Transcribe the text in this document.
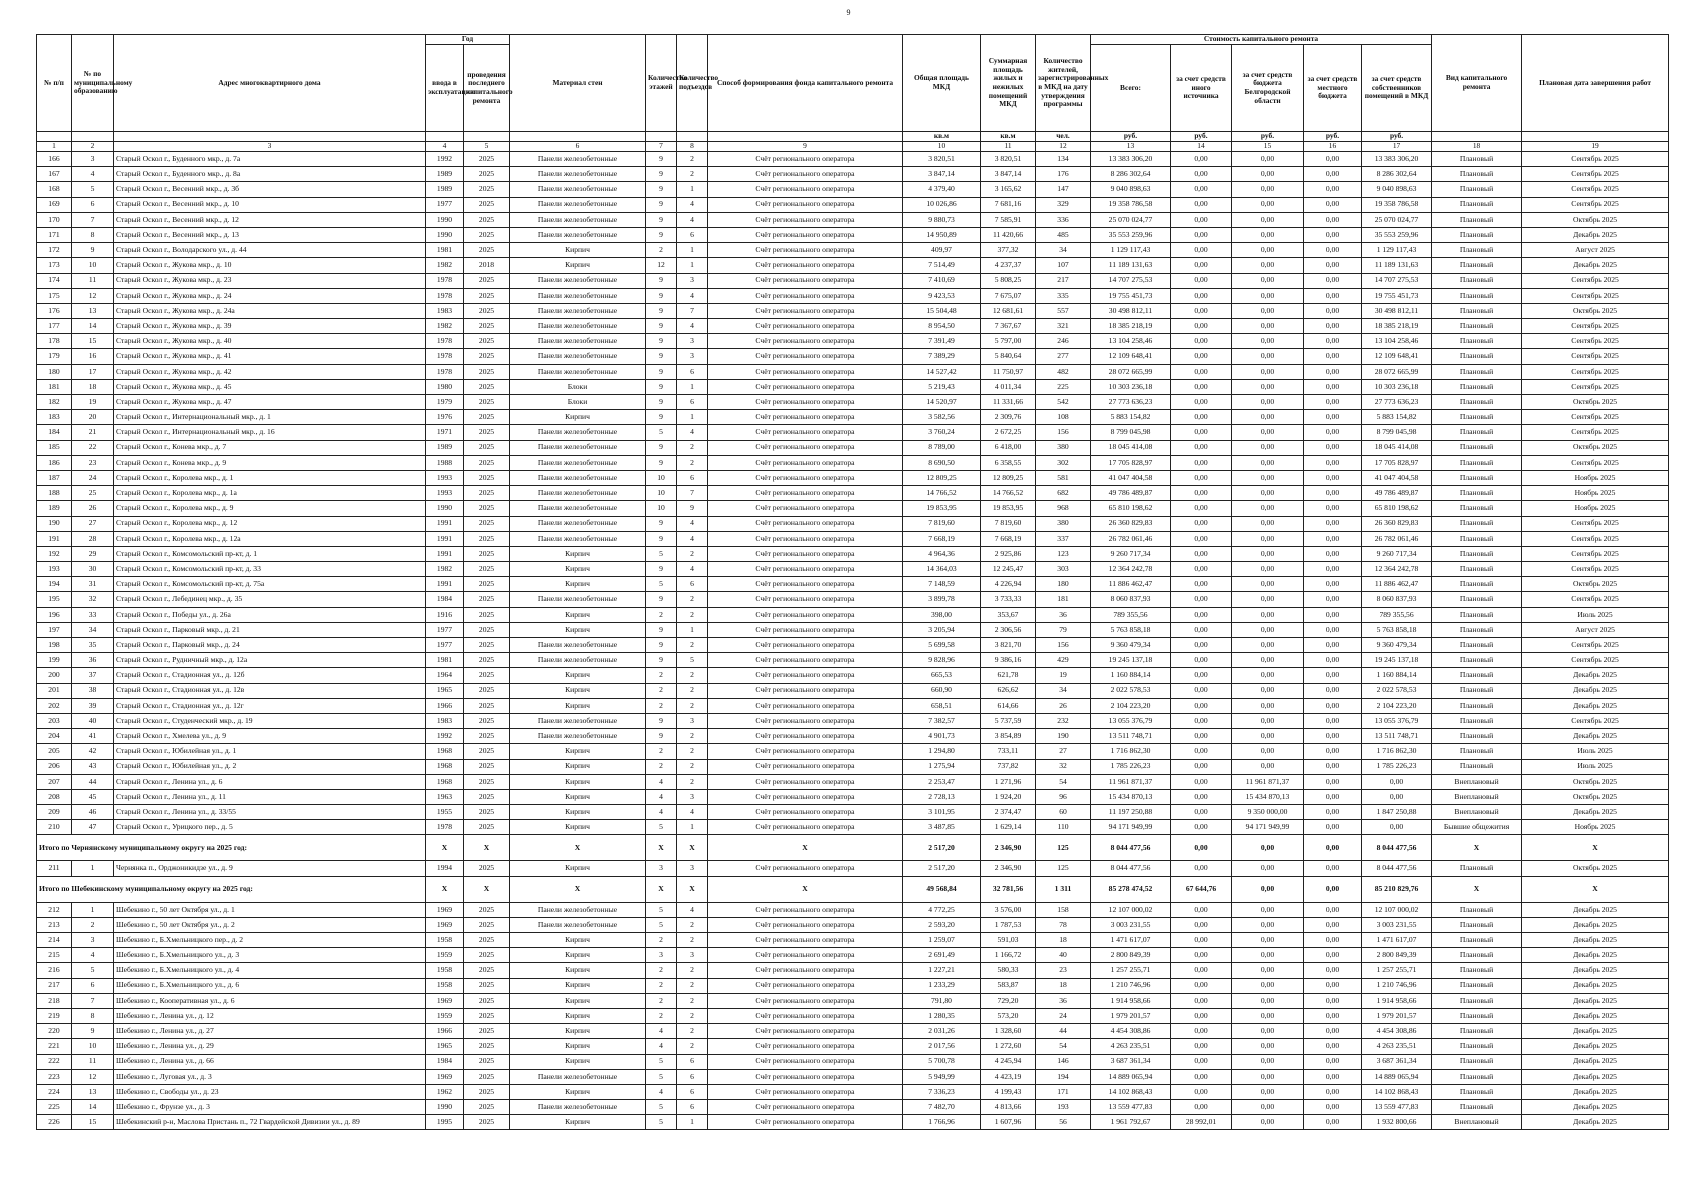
9
№ п/п	№ по муниципальному образованию	Адрес многоквартирного дома	Год		Материал стен	Количество этажей	Количество подъездов	Способ формирования фонда капитального ремонта	Общая площадь МКД	Суммарная площадь жилых и нежилых помещений МКД	Количество жителей, зарегистрированных в МКД на дату утверждения программы	Стоимость капитального ремонта					Вид капитального ремонта	Плановая дата завершения работ
			ввода в эксплуатацию	проведения последнего капитального ремонта								Всего:	за счет средств иного источника	за счет средств бюджета Белгородской области	за счет средств местного бюджета	за счет средств собственников помещений в МКД		
									кв.м	кв.м	чел.	руб.	руб.	руб.	руб.	руб.		
1	2	3	4	5	6	7	8	9	10	11	12	13	14	15	16	17	18	19
166	3	Старый Оскол г., Буденного мкр., д. 7а	1992	2025	Панели железобетонные	9	2	Счёт регионального оператора	3 820,51	3 820,51	134	13 383 306,20	0,00	0,00	0,00	13 383 306,20	Плановый	Сентябрь 2025
167	4	Старый Оскол г., Буденного мкр., д. 8а	1989	2025	Панели железобетонные	9	2	Счёт регионального оператора	3 847,14	3 847,14	176	8 286 302,64	0,00	0,00	0,00	8 286 302,64	Плановый	Сентябрь 2025
168	5	Старый Оскол г., Весенний мкр., д. 3б	1989	2025	Панели железобетонные	9	1	Счёт регионального оператора	4 379,40	3 165,62	147	9 040 898,63	0,00	0,00	0,00	9 040 898,63	Плановый	Сентябрь 2025
169	6	Старый Оскол г., Весенний мкр., д. 10	1977	2025	Панели железобетонные	9	4	Счёт регионального оператора	10 026,86	7 681,16	329	19 358 786,58	0,00	0,00	0,00	19 358 786,58	Плановый	Сентябрь 2025
170	7	Старый Оскол г., Весенний мкр., д. 12	1990	2025	Панели железобетонные	9	4	Счёт регионального оператора	9 880,73	7 585,91	336	25 070 024,77	0,00	0,00	0,00	25 070 024,77	Плановый	Октябрь 2025
171	8	Старый Оскол г., Весенний мкр., д. 13	1990	2025	Панели железобетонные	9	6	Счёт регионального оператора	14 950,89	11 420,66	485	35 553 259,96	0,00	0,00	0,00	35 553 259,96	Плановый	Декабрь 2025
172	9	Старый Оскол г., Володарского ул., д. 44	1981	2025	Кирпич	2	1	Счёт регионального оператора	409,97	377,32	34	1 129 117,43	0,00	0,00	0,00	1 129 117,43	Плановый	Август 2025
173	10	Старый Оскол г., Жукова мкр., д. 10	1982	2018	Кирпич	12	1	Счёт регионального оператора	7 514,49	4 237,37	107	11 189 131,63	0,00	0,00	0,00	11 189 131,63	Плановый	Декабрь 2025
174	11	Старый Оскол г., Жукова мкр., д. 23	1978	2025	Панели железобетонные	9	3	Счёт регионального оператора	7 410,69	5 808,25	217	14 707 275,53	0,00	0,00	0,00	14 707 275,53	Плановый	Сентябрь 2025
175	12	Старый Оскол г., Жукова мкр., д. 24	1978	2025	Панели железобетонные	9	4	Счёт регионального оператора	9 423,53	7 675,07	335	19 755 451,73	0,00	0,00	0,00	19 755 451,73	Плановый	Сентябрь 2025
176	13	Старый Оскол г., Жукова мкр., д. 24а	1983	2025	Панели железобетонные	9	7	Счёт регионального оператора	15 504,48	12 681,61	557	30 498 812,11	0,00	0,00	0,00	30 498 812,11	Плановый	Октябрь 2025
177	14	Старый Оскол г., Жукова мкр., д. 39	1982	2025	Панели железобетонные	9	4	Счёт регионального оператора	8 954,50	7 367,67	321	18 385 218,19	0,00	0,00	0,00	18 385 218,19	Плановый	Сентябрь 2025
178	15	Старый Оскол г., Жукова мкр., д. 40	1978	2025	Панели железобетонные	9	3	Счёт регионального оператора	7 391,49	5 797,00	246	13 104 258,46	0,00	0,00	0,00	13 104 258,46	Плановый	Сентябрь 2025
179	16	Старый Оскол г., Жукова мкр., д. 41	1978	2025	Панели железобетонные	9	3	Счёт регионального оператора	7 389,29	5 840,64	277	12 109 648,41	0,00	0,00	0,00	12 109 648,41	Плановый	Сентябрь 2025
180	17	Старый Оскол г., Жукова мкр., д. 42	1978	2025	Панели железобетонные	9	6	Счёт регионального оператора	14 527,42	11 750,97	482	28 072 665,99	0,00	0,00	0,00	28 072 665,99	Плановый	Сентябрь 2025
181	18	Старый Оскол г., Жукова мкр., д. 45	1980	2025	Блоки	9	1	Счёт регионального оператора	5 219,43	4 011,34	225	10 303 236,18	0,00	0,00	0,00	10 303 236,18	Плановый	Сентябрь 2025
182	19	Старый Оскол г., Жукова мкр., д. 47	1979	2025	Блоки	9	6	Счёт регионального оператора	14 520,97	11 331,66	542	27 773 636,23	0,00	0,00	0,00	27 773 636,23	Плановый	Октябрь 2025
183	20	Старый Оскол г., Интернациональный мкр., д. 1	1976	2025	Кирпич	9	1	Счёт регионального оператора	3 582,56	2 309,76	108	5 883 154,82	0,00	0,00	0,00	5 883 154,82	Плановый	Сентябрь 2025
184	21	Старый Оскол г., Интернациональный мкр., д. 16	1971	2025	Панели железобетонные	5	4	Счёт регионального оператора	3 760,24	2 672,25	156	8 799 045,98	0,00	0,00	0,00	8 799 045,98	Плановый	Сентябрь 2025
185	22	Старый Оскол г., Конева мкр., д. 7	1989	2025	Панели железобетонные	9	2	Счёт регионального оператора	8 789,00	6 418,00	380	18 045 414,08	0,00	0,00	0,00	18 045 414,08	Плановый	Октябрь 2025
186	23	Старый Оскол г., Конева мкр., д. 9	1988	2025	Панели железобетонные	9	2	Счёт регионального оператора	8 690,50	6 358,55	302	17 705 828,97	0,00	0,00	0,00	17 705 828,97	Плановый	Сентябрь 2025
187	24	Старый Оскол г., Королева мкр., д. 1	1993	2025	Панели железобетонные	10	6	Счёт регионального оператора	12 809,25	12 809,25	581	41 047 404,58	0,00	0,00	0,00	41 047 404,58	Плановый	Ноябрь 2025
188	25	Старый Оскол г., Королева мкр., д. 1а	1993	2025	Панели железобетонные	10	7	Счёт регионального оператора	14 766,52	14 766,52	682	49 786 489,87	0,00	0,00	0,00	49 786 489,87	Плановый	Ноябрь 2025
189	26	Старый Оскол г., Королева мкр., д. 9	1990	2025	Панели железобетонные	10	9	Счёт регионального оператора	19 853,95	19 853,95	968	65 810 198,62	0,00	0,00	0,00	65 810 198,62	Плановый	Ноябрь 2025
190	27	Старый Оскол г., Королева мкр., д. 12	1991	2025	Панели железобетонные	9	4	Счёт регионального оператора	7 819,60	7 819,60	380	26 360 829,83	0,00	0,00	0,00	26 360 829,83	Плановый	Сентябрь 2025
191	28	Старый Оскол г., Королева мкр., д. 12а	1991	2025	Панели железобетонные	9	4	Счёт регионального оператора	7 668,19	7 668,19	337	26 782 061,46	0,00	0,00	0,00	26 782 061,46	Плановый	Сентябрь 2025
192	29	Старый Оскол г., Комсомольский пр-кт, д. 1	1991	2025	Кирпич	5	2	Счёт регионального оператора	4 964,36	2 925,86	123	9 260 717,34	0,00	0,00	0,00	9 260 717,34	Плановый	Сентябрь 2025
193	30	Старый Оскол г., Комсомольский пр-кт, д. 33	1982	2025	Кирпич	9	4	Счёт регионального оператора	14 364,03	12 245,47	303	12 364 242,78	0,00	0,00	0,00	12 364 242,78	Плановый	Сентябрь 2025
194	31	Старый Оскол г., Комсомольский пр-кт, д. 75а	1991	2025	Кирпич	5	6	Счёт регионального оператора	7 148,59	4 226,94	180	11 886 462,47	0,00	0,00	0,00	11 886 462,47	Плановый	Октябрь 2025
195	32	Старый Оскол г., Лебединец мкр., д. 35	1984	2025	Панели железобетонные	9	2	Счёт регионального оператора	3 899,78	3 733,33	181	8 060 837,93	0,00	0,00	0,00	8 060 837,93	Плановый	Сентябрь 2025
196	33	Старый Оскол г., Победы ул., д. 26а	1916	2025	Кирпич	2	2	Счёт регионального оператора	398,00	353,67	36	789 355,56	0,00	0,00	0,00	789 355,56	Плановый	Июль 2025
197	34	Старый Оскол г., Парковый мкр., д. 21	1977	2025	Кирпич	9	1	Счёт регионального оператора	3 205,94	2 306,56	79	5 763 858,18	0,00	0,00	0,00	5 763 858,18	Плановый	Август 2025
198	35	Старый Оскол г., Парковый мкр., д. 24	1977	2025	Панели железобетонные	9	2	Счёт регионального оператора	5 699,58	3 821,70	156	9 360 479,34	0,00	0,00	0,00	9 360 479,34	Плановый	Сентябрь 2025
199	36	Старый Оскол г., Рудничный мкр., д. 12а	1981	2025	Панели железобетонные	9	5	Счёт регионального оператора	9 828,96	9 386,16	429	19 245 137,18	0,00	0,00	0,00	19 245 137,18	Плановый	Сентябрь 2025
200	37	Старый Оскол г., Стадионная ул., д. 12б	1964	2025	Кирпич	2	2	Счёт регионального оператора	665,53	621,78	19	1 160 884,14	0,00	0,00	0,00	1 160 884,14	Плановый	Декабрь 2025
201	38	Старый Оскол г., Стадионная ул., д. 12в	1965	2025	Кирпич	2	2	Счёт регионального оператора	660,90	626,62	34	2 022 578,53	0,00	0,00	0,00	2 022 578,53	Плановый	Декабрь 2025
202	39	Старый Оскол г., Стадионная ул., д. 12г	1966	2025	Кирпич	2	2	Счёт регионального оператора	658,51	614,66	26	2 104 223,20	0,00	0,00	0,00	2 104 223,20	Плановый	Декабрь 2025
203	40	Старый Оскол г., Студенческий мкр., д. 19	1983	2025	Панели железобетонные	9	3	Счёт регионального оператора	7 382,57	5 737,59	232	13 055 376,79	0,00	0,00	0,00	13 055 376,79	Плановый	Сентябрь 2025
204	41	Старый Оскол г., Хмелева ул., д. 9	1992	2025	Панели железобетонные	9	2	Счёт регионального оператора	4 901,73	3 854,89	190	13 511 748,71	0,00	0,00	0,00	13 511 748,71	Плановый	Декабрь 2025
205	42	Старый Оскол г., Юбилейная ул., д. 1	1968	2025	Кирпич	2	2	Счёт регионального оператора	1 294,80	733,11	27	1 716 862,30	0,00	0,00	0,00	1 716 862,30	Плановый	Июль 2025
206	43	Старый Оскол г., Юбилейная ул., д. 2	1968	2025	Кирпич	2	2	Счёт регионального оператора	1 275,94	737,82	32	1 785 226,23	0,00	0,00	0,00	1 785 226,23	Плановый	Июль 2025
207	44	Старый Оскол г., Ленина ул., д. 6	1968	2025	Кирпич	4	2	Счёт регионального оператора	2 253,47	1 271,96	54	11 961 871,37	0,00	11 961 871,37	0,00	0,00	Внеплановый	Октябрь 2025
208	45	Старый Оскол г., Ленина ул., д. 11	1963	2025	Кирпич	4	3	Счёт регионального оператора	2 728,13	1 924,20	96	15 434 870,13	0,00	15 434 870,13	0,00	0,00	Внеплановый	Октябрь 2025
209	46	Старый Оскол г., Ленина ул., д. 33/55	1955	2025	Кирпич	4	4	Счёт регионального оператора	3 101,95	2 374,47	60	11 197 250,88	0,00	9 350 000,00	0,00	1 847 250,88	Внеплановый	Декабрь 2025
210	47	Старый Оскол г., Урицкого пер., д. 5	1978	2025	Кирпич	5	1	Счёт регионального оператора	3 487,85	1 629,14	110	94 171 949,99	0,00	94 171 949,99	0,00	0,00	Бывшие общежития	Ноябрь 2025
Итого по Чернянскому муниципальному округу на 2025 год:			X	X	X	X	X	X	2 517,20	2 346,90	125	8 044 477,56	0,00	0,00	0,00	8 044 477,56	X	X
211	1	Чернянка п., Орджоникидзе ул., д. 9	1994	2025	Кирпич	3	3	Счёт регионального оператора	2 517,20	2 346,90	125	8 044 477,56	0,00	0,00	0,00	8 044 477,56	Плановый	Октябрь 2025
Итого по Шебекинскому муниципальному округу на 2025 год:			X	X	X	X	X	X	49 568,84	32 781,56	1 311	85 278 474,52	67 644,76	0,00	0,00	85 210 829,76	X	X
212	1	Шебекино г., 50 лет Октября ул., д. 1	1969	2025	Панели железобетонные	5	4	Счёт регионального оператора	4 772,25	3 576,00	158	12 107 000,02	0,00	0,00	0,00	12 107 000,02	Плановый	Декабрь 2025
213	2	Шебекино г., 50 лет Октября ул., д. 2	1969	2025	Панели железобетонные	5	2	Счёт регионального оператора	2 593,20	1 787,53	78	3 003 231,55	0,00	0,00	0,00	3 003 231,55	Плановый	Декабрь 2025
214	3	Шебекино г., Б.Хмельницкого пер., д. 2	1958	2025	Кирпич	2	2	Счёт регионального оператора	1 259,07	591,03	18	1 471 617,07	0,00	0,00	0,00	1 471 617,07	Плановый	Декабрь 2025
215	4	Шебекино г., Б.Хмельницкого ул., д. 3	1959	2025	Кирпич	3	3	Счёт регионального оператора	2 691,49	1 166,72	40	2 800 849,39	0,00	0,00	0,00	2 800 849,39	Плановый	Декабрь 2025
216	5	Шебекино г., Б.Хмельницкого ул., д. 4	1958	2025	Кирпич	2	2	Счёт регионального оператора	1 227,21	580,33	23	1 257 255,71	0,00	0,00	0,00	1 257 255,71	Плановый	Декабрь 2025
217	6	Шебекино г., Б.Хмельницкого ул., д. 6	1958	2025	Кирпич	2	2	Счёт регионального оператора	1 233,29	583,87	18	1 210 746,96	0,00	0,00	0,00	1 210 746,96	Плановый	Декабрь 2025
218	7	Шебекино г., Кооперативная ул., д. 6	1969	2025	Кирпич	2	2	Счёт регионального оператора	791,80	729,20	36	1 914 958,66	0,00	0,00	0,00	1 914 958,66	Плановый	Декабрь 2025
219	8	Шебекино г., Ленина ул., д. 12	1959	2025	Кирпич	2	2	Счёт регионального оператора	1 280,35	573,20	24	1 979 201,57	0,00	0,00	0,00	1 979 201,57	Плановый	Декабрь 2025
220	9	Шебекино г., Ленина ул., д. 27	1966	2025	Кирпич	4	2	Счёт регионального оператора	2 031,26	1 328,60	44	4 454 308,86	0,00	0,00	0,00	4 454 308,86	Плановый	Декабрь 2025
221	10	Шебекино г., Ленина ул., д. 29	1965	2025	Кирпич	4	2	Счёт регионального оператора	2 017,56	1 272,60	54	4 263 235,51	0,00	0,00	0,00	4 263 235,51	Плановый	Декабрь 2025
222	11	Шебекино г., Ленина ул., д. 66	1984	2025	Кирпич	5	6	Счёт регионального оператора	5 700,78	4 245,94	146	3 687 361,34	0,00	0,00	0,00	3 687 361,34	Плановый	Декабрь 2025
223	12	Шебекино г., Луговая ул., д. 3	1969	2025	Панели железобетонные	5	6	Счёт регионального оператора	5 949,99	4 423,19	194	14 889 065,94	0,00	0,00	0,00	14 889 065,94	Плановый	Декабрь 2025
224	13	Шебекино г., Свободы ул., д. 23	1962	2025	Кирпич	4	6	Счёт регионального оператора	7 336,23	4 199,43	171	14 102 868,43	0,00	0,00	0,00	14 102 868,43	Плановый	Декабрь 2025
225	14	Шебекино г., Фрунзе ул., д. 3	1990	2025	Панели железобетонные	5	6	Счёт регионального оператора	7 482,70	4 813,66	193	13 559 477,83	0,00	0,00	0,00	13 559 477,83	Плановый	Декабрь 2025
226	15	Шебекинский р-н, Маслова Пристань п., 72 Гвардейской Дивизии ул., д. 89	1995	2025	Кирпич	5	1	Счёт регионального оператора	1 766,96	1 607,96	56	1 961 792,67	28 992,01	0,00	0,00	1 932 800,66	Внеплановый	Декабрь 2025
